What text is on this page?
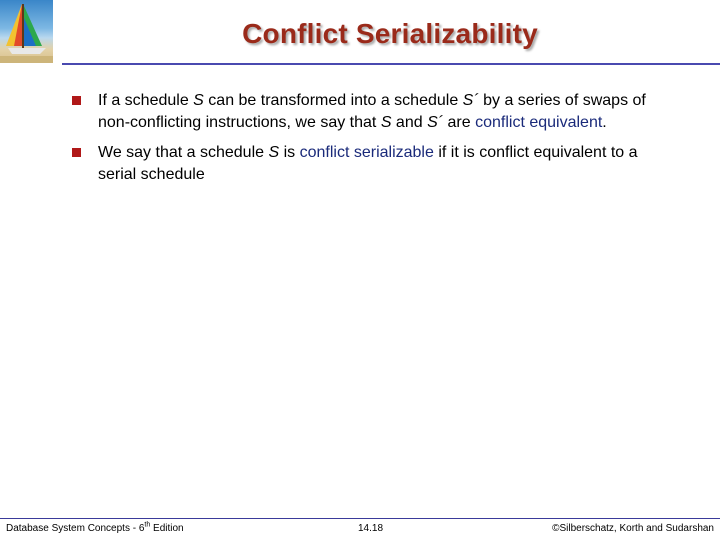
Conflict Serializability
If a schedule S can be transformed into a schedule S´ by a series of swaps of non-conflicting instructions, we say that S and S´ are conflict equivalent.
We say that a schedule S is conflict serializable if it is conflict equivalent to a serial schedule
Database System Concepts - 6th Edition	14.18	©Silberschatz, Korth and Sudarshan
